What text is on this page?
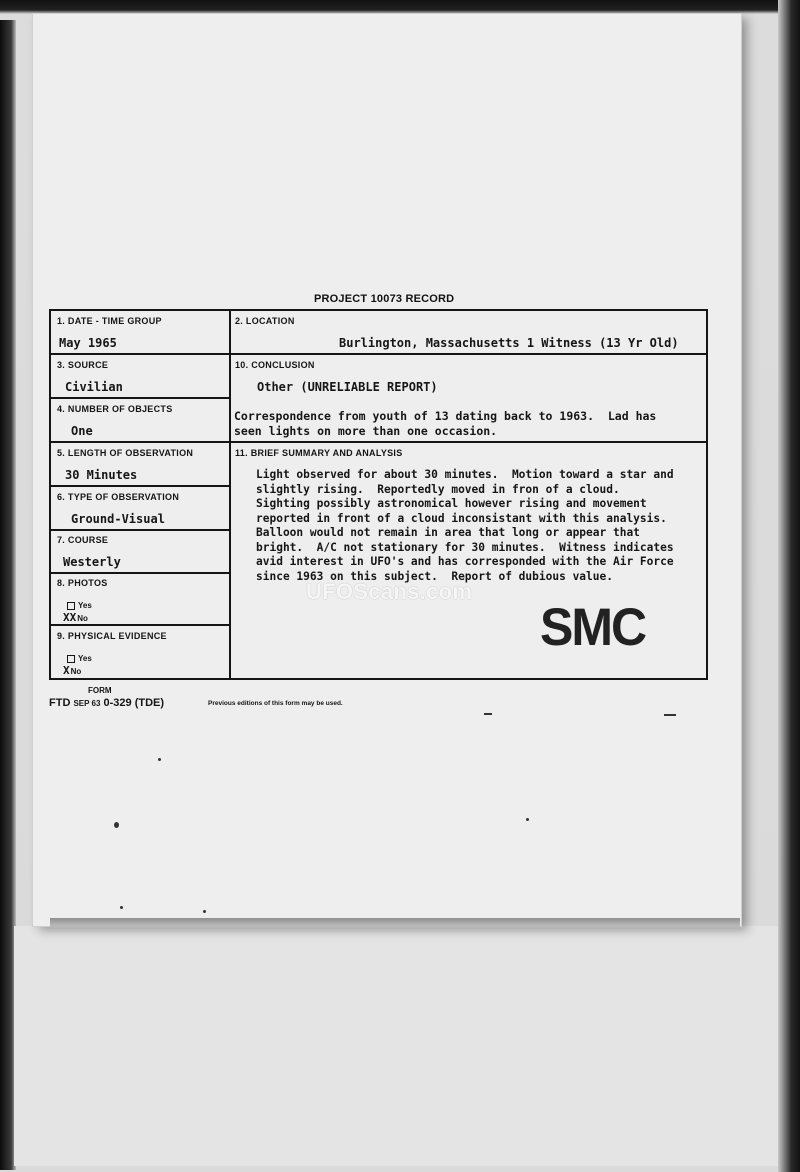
PROJECT 10073 RECORD
1. DATE - TIME GROUP
May 1965
2. LOCATION
Burlington, Massachusetts 1 Witness (13 Yr Old)
3. SOURCE
Civilian
10. CONCLUSION
Other (UNRELIABLE REPORT)
Correspondence from youth of 13 dating back to 1963.  Lad has
seen lights on more than one occasion.
4. NUMBER OF OBJECTS
One
5. LENGTH OF OBSERVATION
30 Minutes
11. BRIEF SUMMARY AND ANALYSIS
Light observed for about 30 minutes.  Motion toward a star and
slightly rising.  Reportedly moved in fron of a cloud.
Sighting possibly astronomical however rising and movement
reported in front of a cloud inconsistant with this analysis.
Balloon would not remain in area that long or appear that
bright.  A/C not stationary for 30 minutes.  Witness indicates
avid interest in UFO's and has corresponded with the Air Force
since 1963 on this subject.  Report of dubious value.
6. TYPE OF OBSERVATION
Ground-Visual
7. COURSE
Westerly
8. PHOTOS
Yes
XXNo
9. PHYSICAL EVIDENCE
Yes
XNo
SMC
UFOScans.com
FORM
FTD SEP 63 0-329 (TDE)	Previous editions of this form may be used.
